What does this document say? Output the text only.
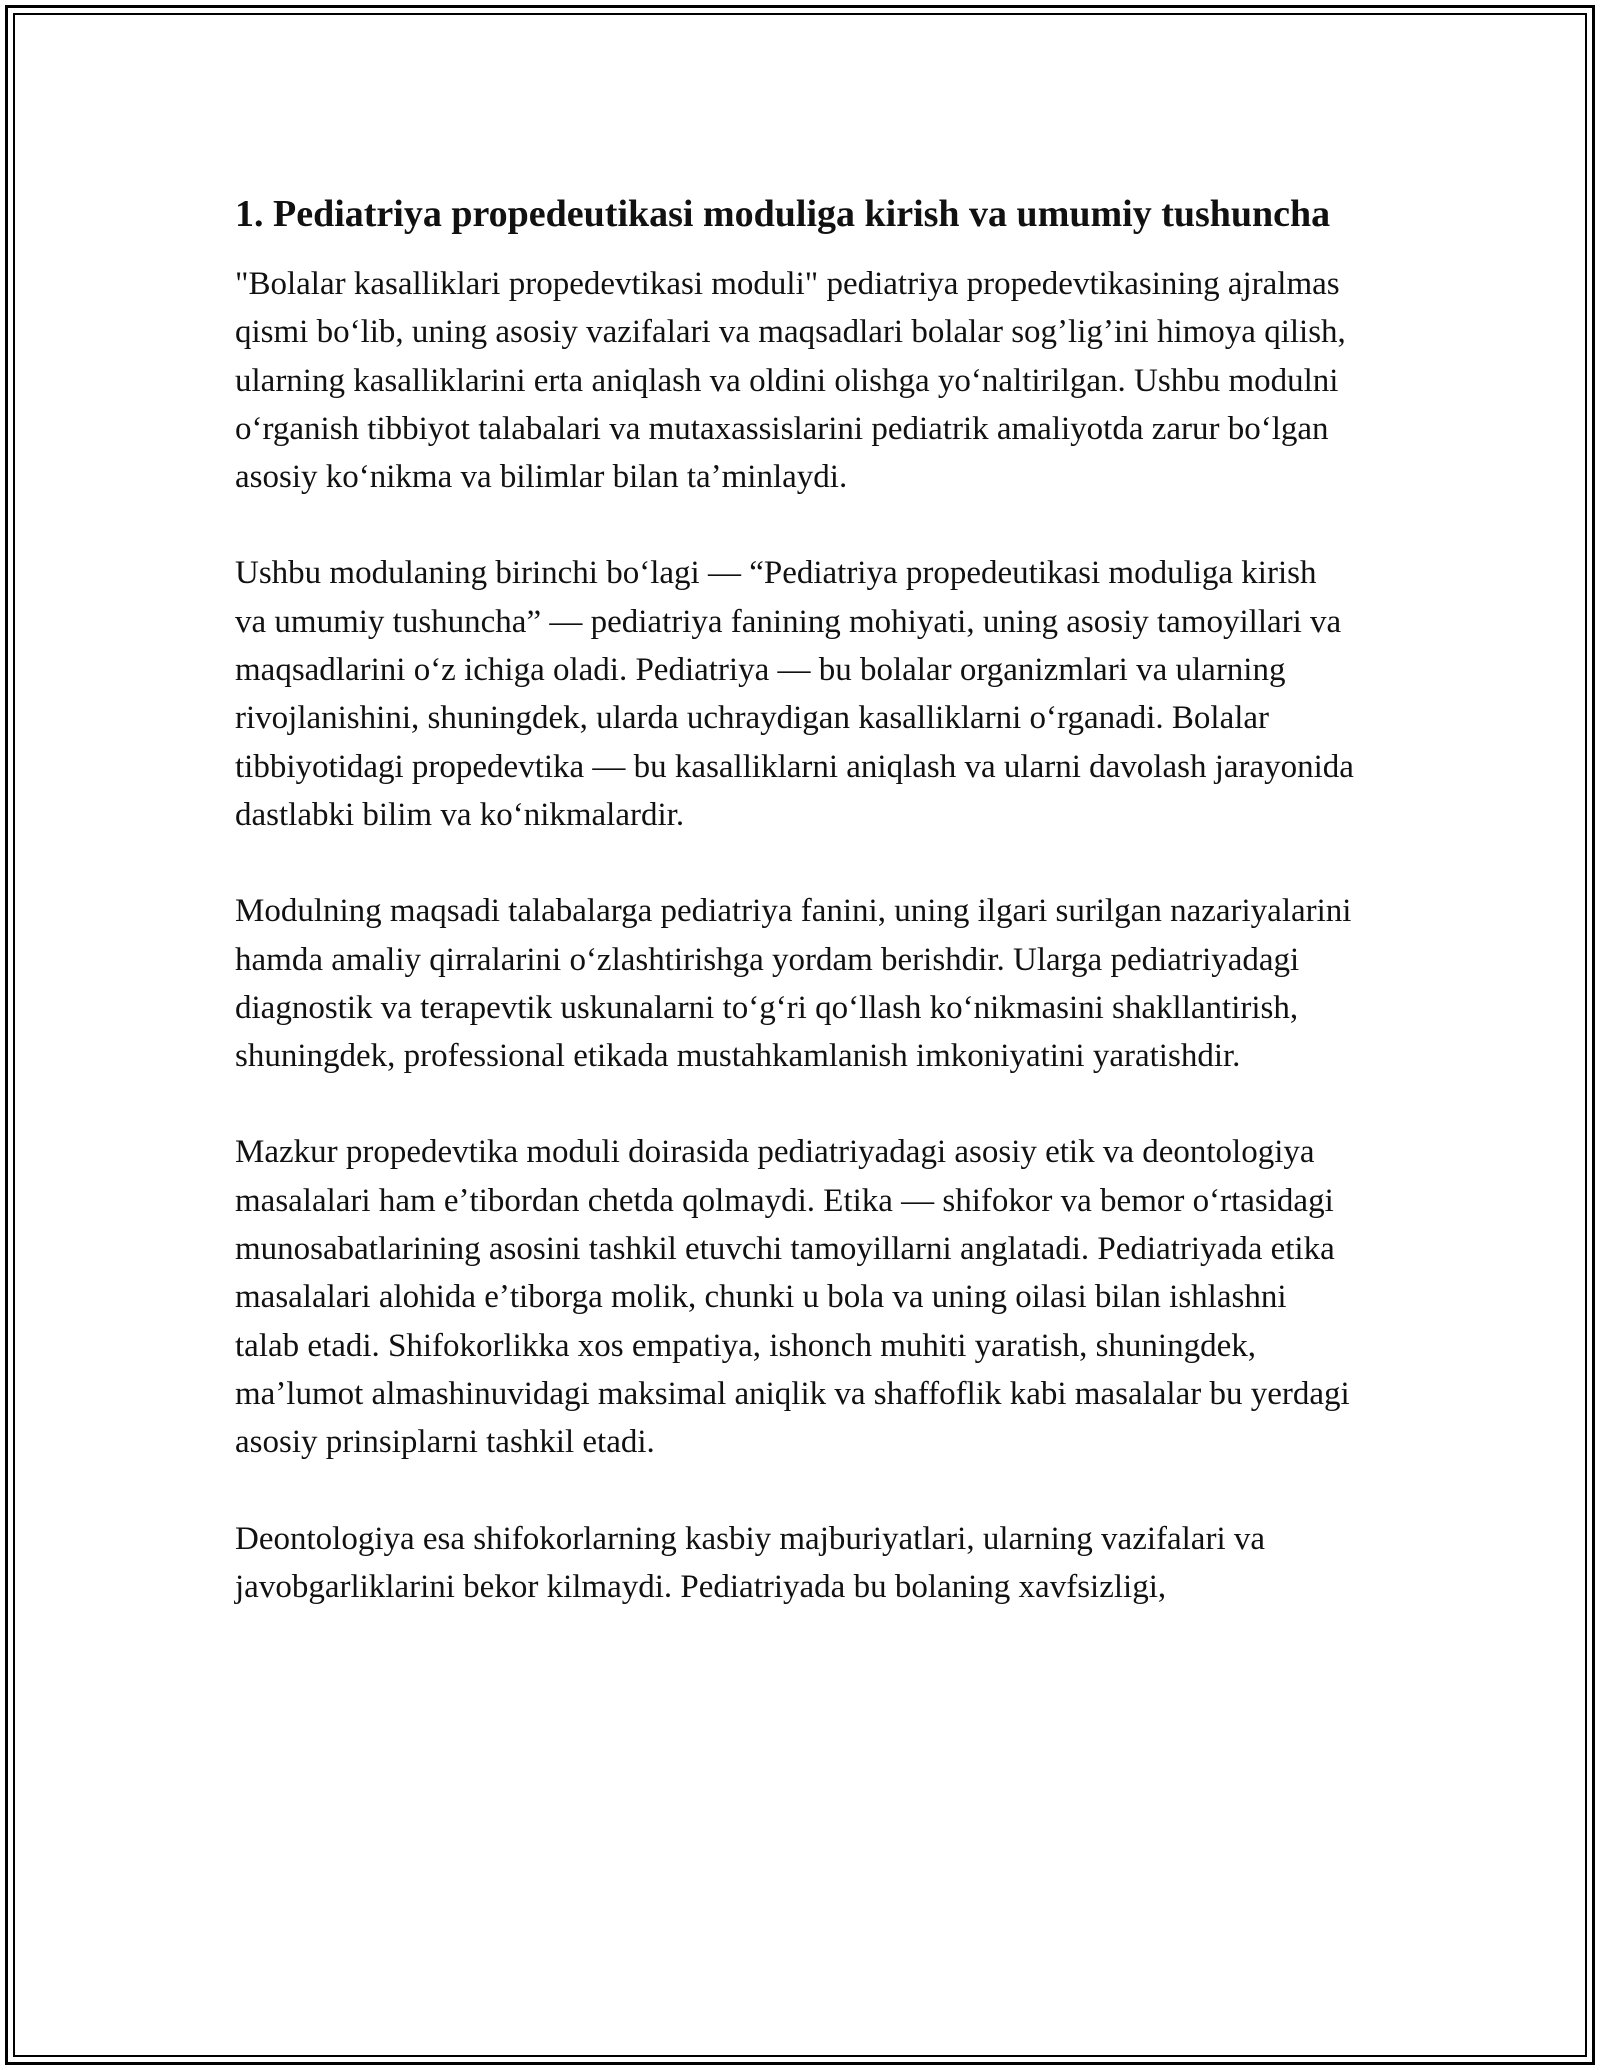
1. Pediatriya propedeutikasi moduliga kirish va umumiy tushuncha

"Bolalar kasalliklari propedevtikasi moduli" pediatriya propedevtikasining ajralmas qismi boʻlib, uning asosiy vazifalari va maqsadlari bolalar sogʼligʼini himoya qilish, ularning kasalliklarini erta aniqlash va oldini olishga yoʻnaltirilgan. Ushbu modulni oʻrganish tibbiyot talabalari va mutaxassislarini pediatrik amaliyotda zarur boʻlgan asosiy koʻnikma va bilimlar bilan taʼminlaydi.

Ushbu modulaning birinchi boʻlagi — “Pediatriya propedeutikasi moduliga kirish va umumiy tushuncha” — pediatriya fanining mohiyati, uning asosiy tamoyillari va maqsadlarini oʻz ichiga oladi. Pediatriya — bu bolalar organizmlari va ularning rivojlanishini, shuningdek, ularda uchraydigan kasalliklarni oʻrganadi. Bolalar tibbiyotidagi propedevtika — bu kasalliklarni aniqlash va ularni davolash jarayonida dastlabki bilim va koʻnikmalardir.

Modulning maqsadi talabalarga pediatriya fanini, uning ilgari surilgan nazariyalarini hamda amaliy qirralarini oʻzlashtirishga yordam berishdir. Ularga pediatriyadagi diagnostik va terapevtik uskunalarni toʻgʻri qoʻllash koʻnikmasini shakllantirish, shuningdek, professional etikada mustahkamlanish imkoniyatini yaratishdir.

Mazkur propedevtika moduli doirasida pediatriyadagi asosiy etik va deontologiya masalalari ham eʼtibordan chetda qolmaydi. Etika — shifokor va bemor oʻrtasidagi munosabatlarining asosini tashkil etuvchi tamoyillarni anglatadi. Pediatriyada etika masalalari alohida eʼtiborga molik, chunki u bola va uning oilasi bilan ishlashni talab etadi. Shifokorlikka xos empatiya, ishonch muhiti yaratish, shuningdek, maʼlumot almashinuvidagi maksimal aniqlik va shaffoflik kabi masalalar bu yerdagi asosiy prinsiplarni tashkil etadi.

Deontologiya esa shifokorlarning kasbiy majburiyatlari, ularning vazifalari va javobgarliklarini bekor kilmaydi. Pediatriyada bu bolaning xavfsizligi,
